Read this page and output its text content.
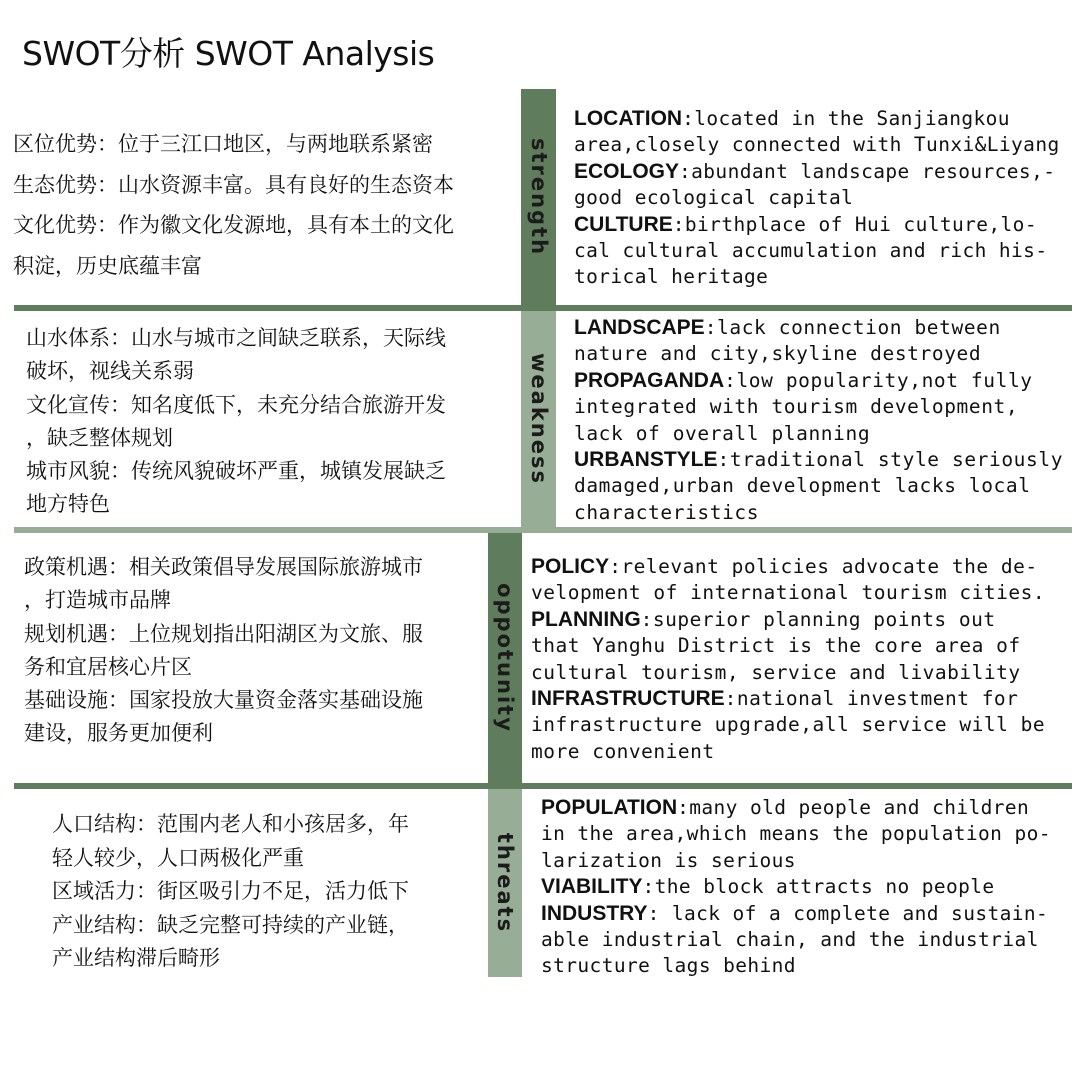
SWOT分析 SWOT Analysis
strength
weakness
oppotunity
threats
区位优势：位于三江口地区，与两地联系紧密
生态优势：山水资源丰富。具有良好的生态资本
文化优势：作为徽文化发源地，具有本土的文化
积淀，历史底蕴丰富
山水体系：山水与城市之间缺乏联系，天际线
破坏，视线关系弱
文化宣传：知名度低下，未充分结合旅游开发
，缺乏整体规划
城市风貌：传统风貌破坏严重，城镇发展缺乏
地方特色
政策机遇：相关政策倡导发展国际旅游城市
，打造城市品牌
规划机遇：上位规划指出阳湖区为文旅、服
务和宜居核心片区
基础设施：国家投放大量资金落实基础设施
建设，服务更加便利
人口结构：范围内老人和小孩居多，年
轻人较少，人口两极化严重
区域活力：街区吸引力不足，活力低下
产业结构：缺乏完整可持续的产业链，
产业结构滞后畸形
LOCATION:located in the Sanjiangkou
area,closely connected with Tunxi&Liyang
ECOLOGY:abundant landscape resources,-
good ecological capital
CULTURE:birthplace of Hui culture,lo-
cal cultural accumulation and rich his-
torical heritage
LANDSCAPE:lack connection between
nature and city,skyline destroyed
PROPAGANDA:low popularity,not fully
integrated with tourism development,
lack of overall planning
URBANSTYLE:traditional style seriously
damaged,urban development lacks local
characteristics
POLICY:relevant policies advocate the de-
velopment of international tourism cities.
PLANNING:superior planning points out
that Yanghu District is the core area of
cultural tourism, service and livability
INFRASTRUCTURE:national investment for
infrastructure upgrade,all service will be
more convenient
POPULATION:many old people and children
in the area,which means the population po-
larization is serious
VIABILITY:the block attracts no people
INDUSTRY: lack of a complete and sustain-
able industrial chain, and the industrial
structure lags behind
